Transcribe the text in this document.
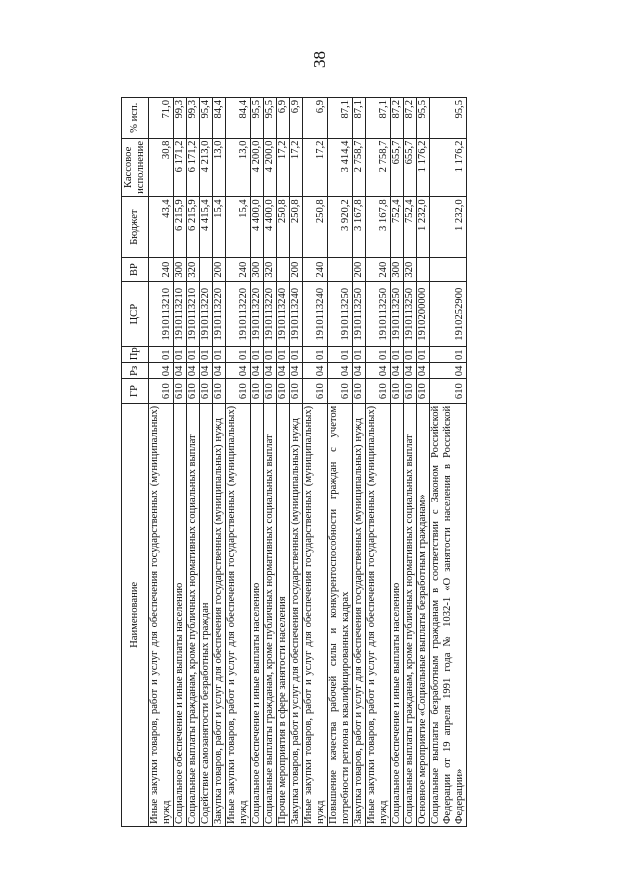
38
Наименование	ГР	Рз	Пр	ЦСР	ВР	Бюджет	Кассовое исполнение	% исп.
Иные закупки товаров, работ и услуг для обеспечения государственных (муниципальных) нужд	610	04	01	1910113210	240	43,4	30,8	71,0
Социальное обеспечение и иные выплаты населению	610	04	01	1910113210	300	6 215,9	6 171,2	99,3
Социальные выплаты гражданам, кроме публичных нормативных социальных выплат	610	04	01	1910113210	320	6 215,9	6 171,2	99,3
Содействие самозанятости безработных граждан	610	04	01	1910113220		4 415,4	4 213,0	95,4
Закупка товаров, работ и услуг для обеспечения государственных (муниципальных) нужд	610	04	01	1910113220	200	15,4	13,0	84,4
Иные закупки товаров, работ и услуг для обеспечения государственных (муниципальных) нужд	610	04	01	1910113220	240	15,4	13,0	84,4
Социальное обеспечение и иные выплаты населению	610	04	01	1910113220	300	4 400,0	4 200,0	95,5
Социальные выплаты гражданам, кроме публичных нормативных социальных выплат	610	04	01	1910113220	320	4 400,0	4 200,0	95,5
Прочие мероприятия в сфере занятости населения	610	04	01	1910113240		250,8	17,2	6,9
Закупка товаров, работ и услуг для обеспечения государственных (муниципальных) нужд	610	04	01	1910113240	200	250,8	17,2	6,9
Иные закупки товаров, работ и услуг для обеспечения государственных (муниципальных) нужд	610	04	01	1910113240	240	250,8	17,2	6,9
Повышение качества рабочей силы и конкурентоспособности граждан с учетом потребности региона в квалифицированных кадрах	610	04	01	1910113250		3 920,2	3 414,4	87,1
Закупка товаров, работ и услуг для обеспечения государственных (муниципальных) нужд	610	04	01	1910113250	200	3 167,8	2 758,7	87,1
Иные закупки товаров, работ и услуг для обеспечения государственных (муниципальных) нужд	610	04	01	1910113250	240	3 167,8	2 758,7	87,1
Социальное обеспечение и иные выплаты населению	610	04	01	1910113250	300	752,4	655,7	87,2
Социальные выплаты гражданам, кроме публичных нормативных социальных выплат	610	04	01	1910113250	320	752,4	655,7	87,2
Основное мероприятие «Социальные выплаты безработным гражданам»	610	04	01	1910200000		1 232,0	1 176,2	95,5
Социальные выплаты безработным гражданам в соответствии с Законом Российской Федерации от 19 апреля 1991 года № 1032-1 «О занятости населения в Российской Федерации»	610	04	01	1910252900		1 232,0	1 176,2	95,5
